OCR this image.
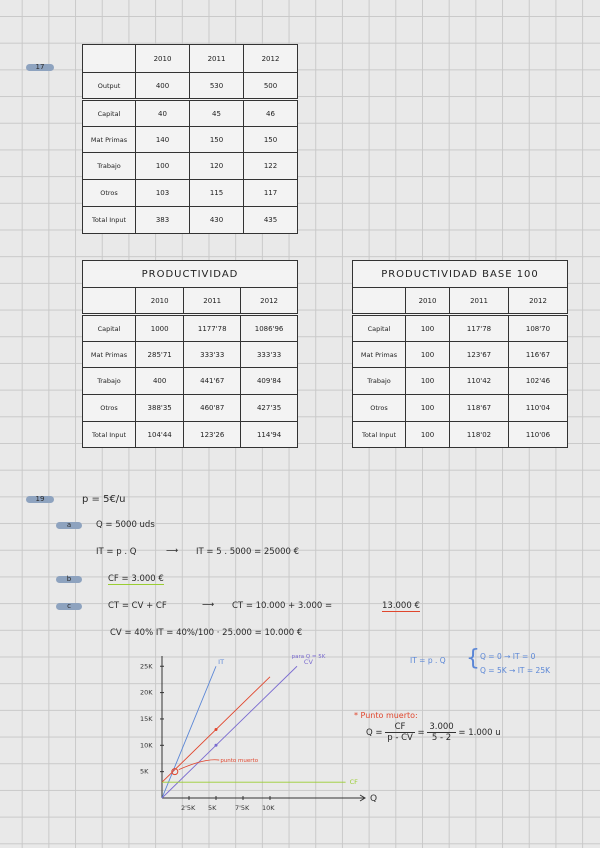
17
	2010	2011	2012
Output	400	530	500
Capital	40	45	46
Mat Primas	140	150	150
Trabajo	100	120	122
Otros	103	115	117
Total Input	383	430	435
PRODUCTIVIDAD			
	2010	2011	2012
Capital	1000	1177'78	1086'96
Mat Primas	285'71	333'33	333'33
Trabajo	400	441'67	409'84
Otros	388'35	460'87	427'35
Total Input	104'44	123'26	114'94
PRODUCTIVIDAD BASE 100			
	2010	2011	2012
Capital	100	117'78	108'70
Mat Primas	100	123'67	116'67
Trabajo	100	110'42	102'46
Otros	100	118'67	110'04
Total Input	100	118'02	110'06
19	p = 5€/u
a	Q = 5000 uds
IT = p . Q	⟶ IT = 5 . 5000 = 25000 €
b	CF = 3.000 €
c	CT = CV + CF	⟶ CT = 10.000 + 3.000 =	13.000 €
CV = 40% IT = 40%/100 · 25.000 = 10.000 €
IT = p . Q { Q = 0 → IT = 0
Q = 5K → IT = 25K
* Punto muerto:
$Q = \frac{CF}{p - CV} = \frac{3.000}{5 - 2} = 1.000$ u
Q
2'5K 5K	7'5K 10K
5K
10K
15K
20K
25K
IT	CV
para Q = 5K
CF
punto muerto
